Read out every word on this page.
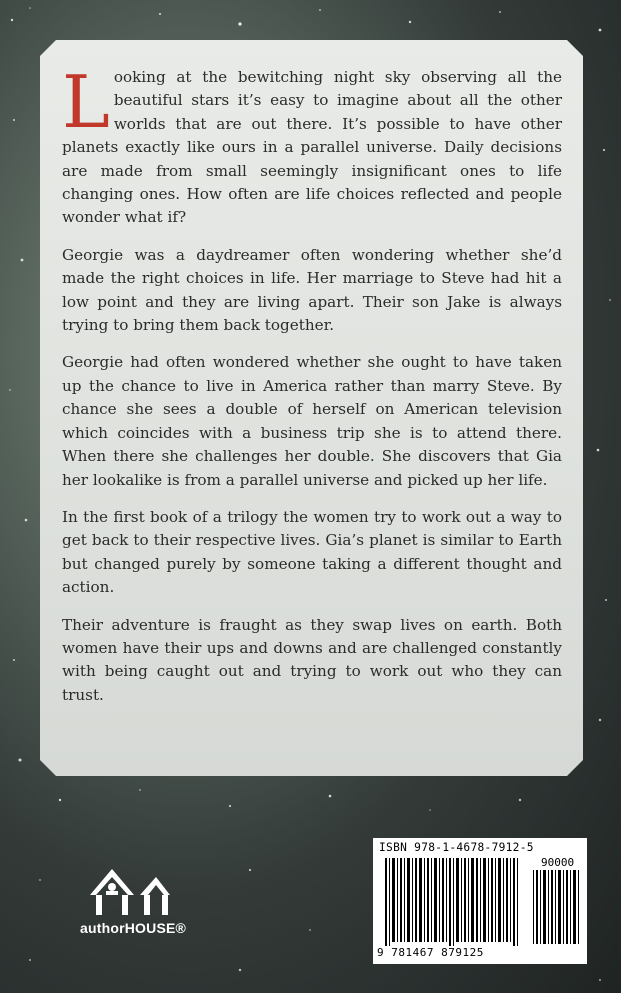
Looking at the bewitching night sky observing all the beautiful stars it’s easy to imagine about all the other worlds that are out there. It’s possible to have other planets exactly like ours in a parallel universe. Daily decisions are made from small seemingly insignificant ones to life changing ones. How often are life choices reflected and people wonder what if?

Georgie was a daydreamer often wondering whether she’d made the right choices in life. Her marriage to Steve had hit a low point and they are living apart. Their son Jake is always trying to bring them back together.

Georgie had often wondered whether she ought to have taken up the chance to live in America rather than marry Steve. By chance she sees a double of herself on American television which coincides with a business trip she is to attend there. When there she challenges her double. She discovers that Gia her lookalike is from a parallel universe and picked up her life.

In the first book of a trilogy the women try to work out a way to get back to their respective lives. Gia’s planet is similar to Earth but changed purely by someone taking a different thought and action.

Their adventure is fraught as they swap lives on earth. Both women have their ups and downs and are challenged constantly with being caught out and trying to work out who they can trust.

authorHOUSE®
ISBN 978-1-4678-7912-5
90000
9 781467 879125
